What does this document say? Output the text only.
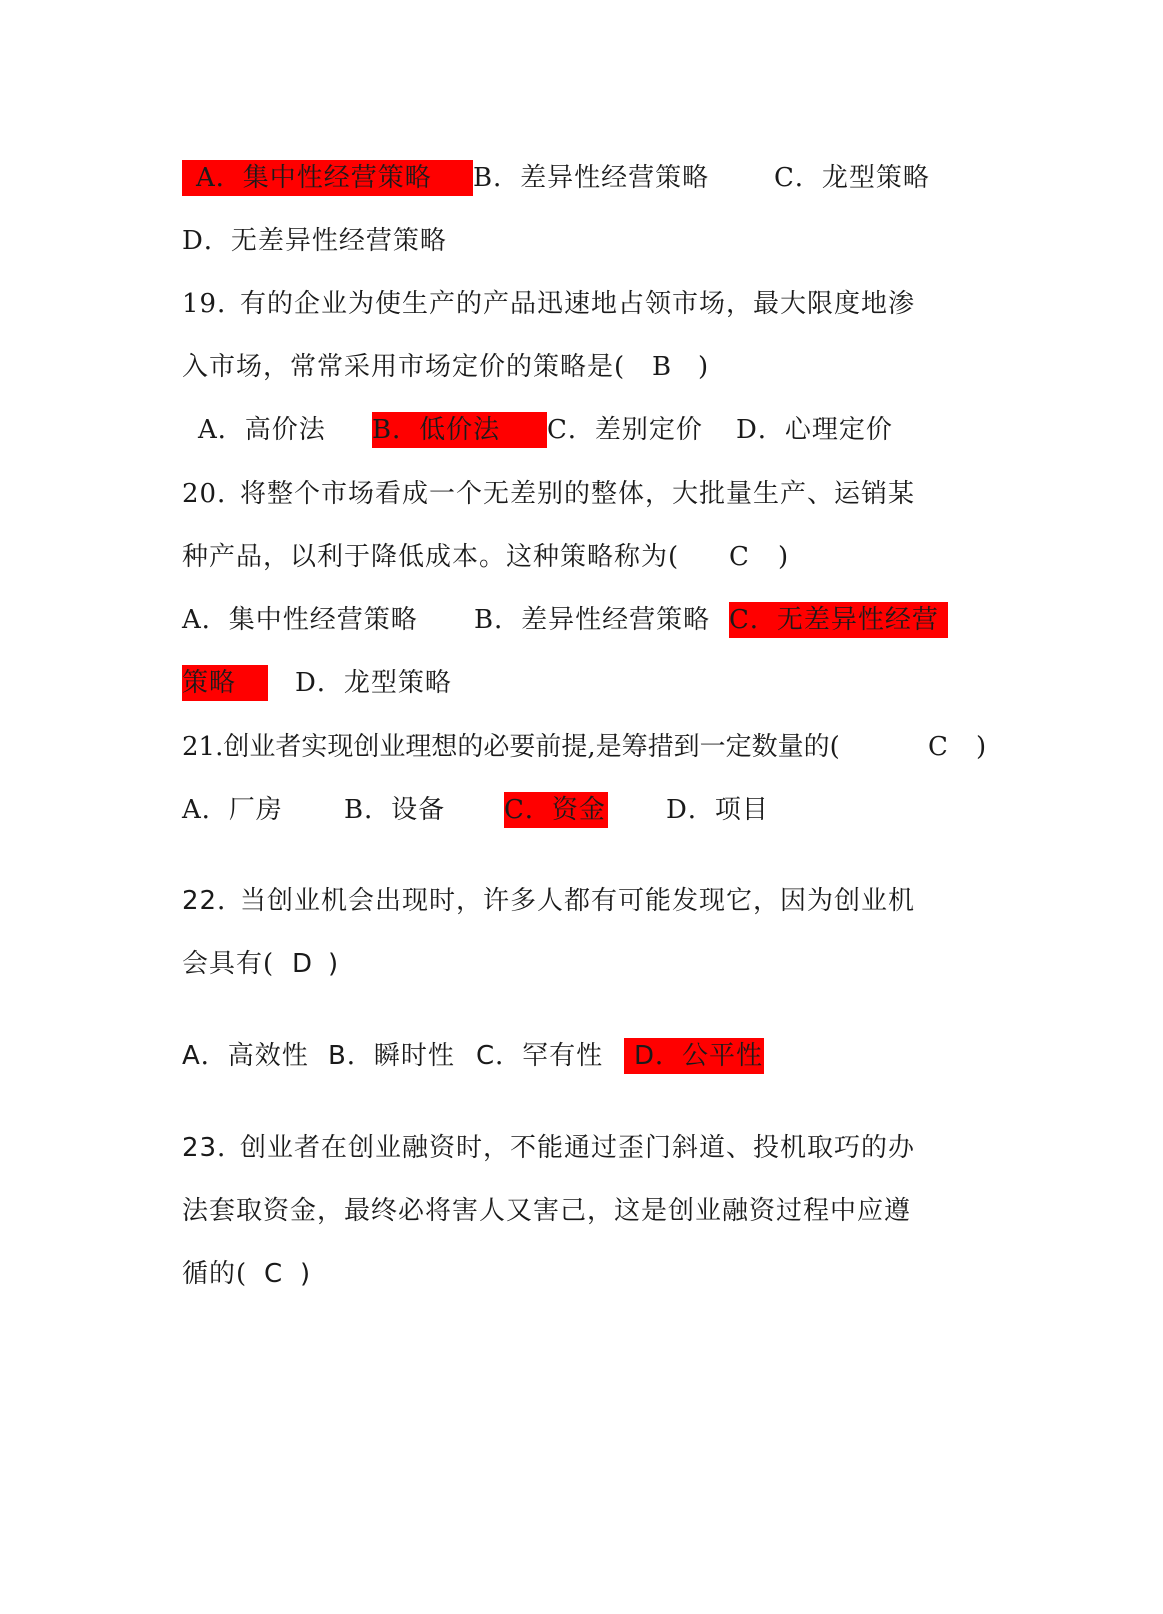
A．集中性经营策略	B．差异性经营策略 C．龙型策略
D．无差异性经营策略
19．
有的企业为使生产的产品迅速地占领市场，最大限度地渗
入市场，常常采用市场定价的策略是( B )
A．高价法 B．低价法	C．差别定价 D．心理定价
20．
将整个市场看成一个无差别的整体，大批量生产、运销某
种产品，以利于降低成本。这种策略称为( C )
A．集中性经营策略 B．差异性经营策略 C．无差异性经营
策略	D．龙型策略
21.创业者实现创业理想的必要前提,是筹措到一定数量的(	C )
A．厂房 B．设备 C．资金 D．项目
22．
当创业机会出现时，许多人都有可能发现它，因为创业机
会具有( D )
A．高效性 B．瞬时性 C．罕有性	D．公平性
23．
创业者在创业融资时，不能通过歪门斜道、投机取巧的办
法套取资金，最终必将害人又害己，这是创业融资过程中应遵
循的( C )
